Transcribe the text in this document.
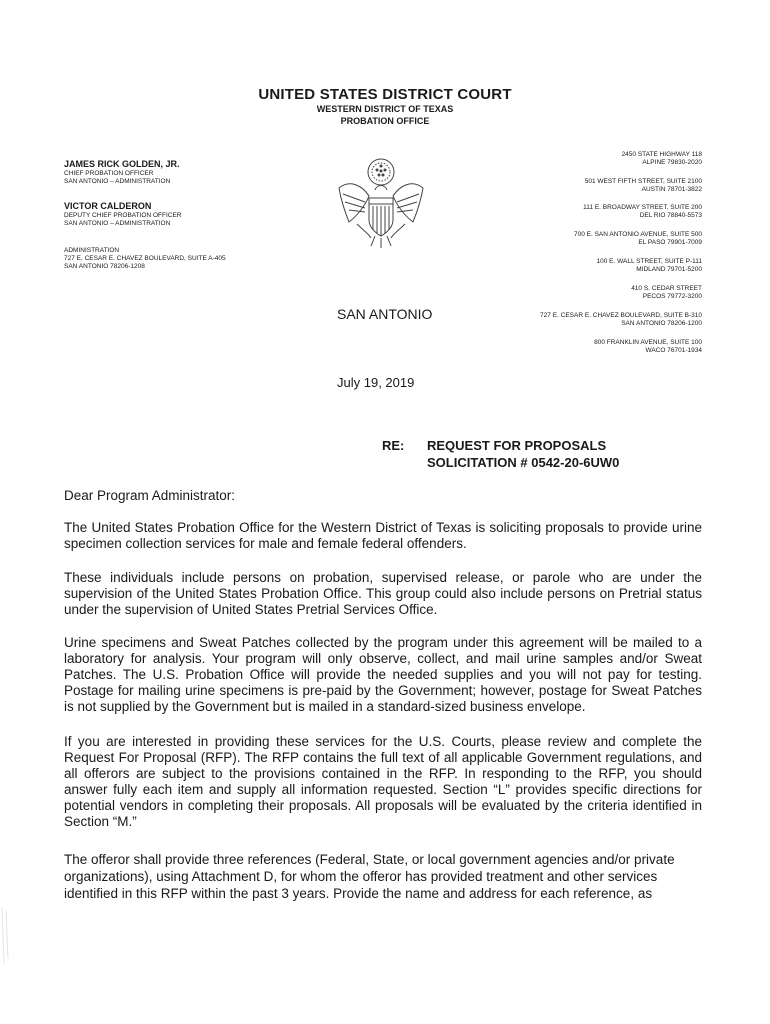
UNITED STATES DISTRICT COURT
WESTERN DISTRICT OF TEXAS
PROBATION OFFICE
JAMES RICK GOLDEN, JR.
CHIEF PROBATION OFFICER
SAN ANTONIO – ADMINISTRATION
VICTOR CALDERON
DEPUTY CHIEF PROBATION OFFICER
SAN ANTONIO – ADMINISTRATION
ADMINISTRATION
727 E. CESAR E. CHAVEZ BOULEVARD, SUITE A-405
SAN ANTONIO 78206-1208
2450 STATE HIGHWAY 118
ALPINE 79830-2020
501 WEST FIFTH STREET, SUITE 2100
AUSTIN 78701-3822
111 E. BROADWAY STREET, SUITE 200
DEL RIO 78840-5573
700 E. SAN ANTONIO AVENUE, SUITE 500
EL PASO 79901-7009
100 E. WALL STREET, SUITE P-111
MIDLAND 79701-5200
410 S. CEDAR STREET
PECOS 79772-3200
727 E. CESAR E. CHAVEZ BOULEVARD, SUITE B-310
SAN ANTONIO 78206-1200
800 FRANKLIN AVENUE, SUITE 100
WACO 76701-1934
SAN ANTONIO
July 19, 2019
RE: REQUEST FOR PROPOSALS
SOLICITATION # 0542-20-6UW0
Dear Program Administrator:
The United States Probation Office for the Western District of Texas is soliciting proposals to provide urine specimen collection services for male and female federal offenders.
These individuals include persons on probation, supervised release, or parole who are under the supervision of the United States Probation Office. This group could also include persons on Pretrial status under the supervision of United States Pretrial Services Office.
Urine specimens and Sweat Patches collected by the program under this agreement will be mailed to a laboratory for analysis. Your program will only observe, collect, and mail urine samples and/or Sweat Patches. The U.S. Probation Office will provide the needed supplies and you will not pay for testing. Postage for mailing urine specimens is pre-paid by the Government; however, postage for Sweat Patches is not supplied by the Government but is mailed in a standard-sized business envelope.
If you are interested in providing these services for the U.S. Courts, please review and complete the Request For Proposal (RFP). The RFP contains the full text of all applicable Government regulations, and all offerors are subject to the provisions contained in the RFP. In responding to the RFP, you should answer fully each item and supply all information requested. Section “L” provides specific directions for potential vendors in completing their proposals. All proposals will be evaluated by the criteria identified in Section “M.”
The offeror shall provide three references (Federal, State, or local government agencies and/or private organizations), using Attachment D, for whom the offeror has provided treatment and other services identified in this RFP within the past 3 years. Provide the name and address for each reference, as
